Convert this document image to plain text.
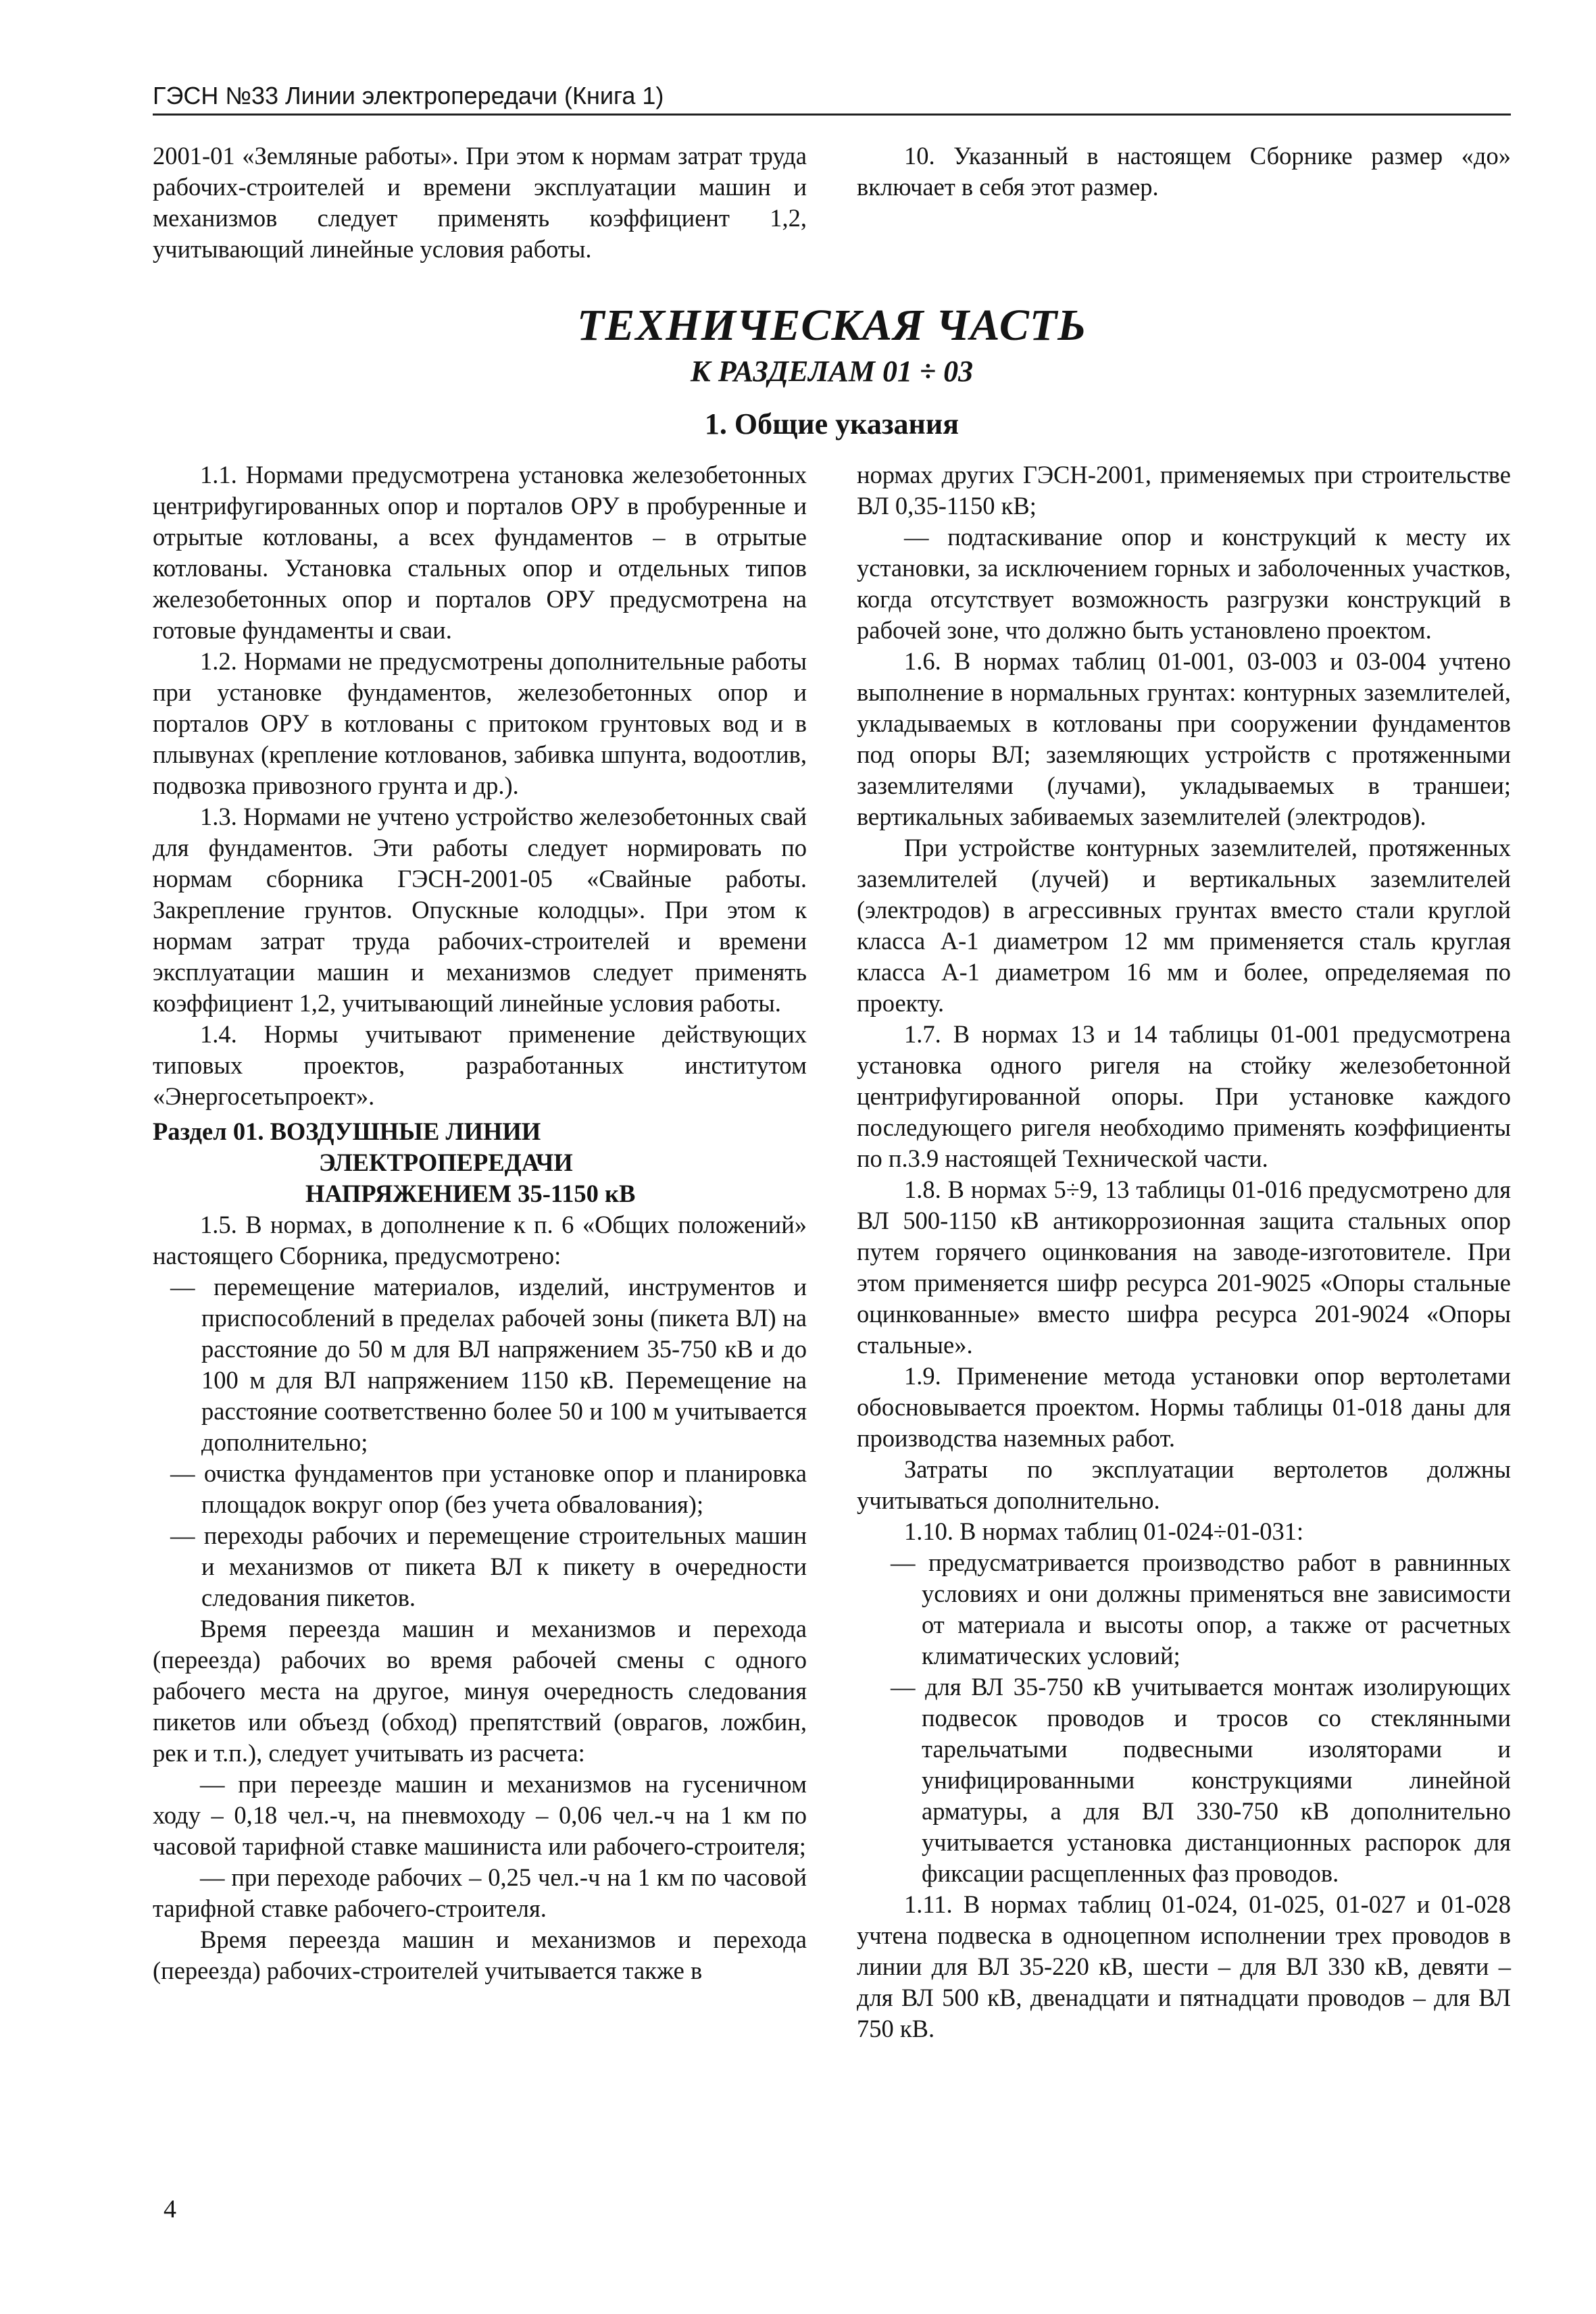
ГЭСН №33 Линии электропередачи (Книга 1)

2001-01 «Земляные работы». При этом к нормам затрат труда рабочих-строителей и времени эксплуатации машин и механизмов следует применять коэффициент 1,2, учитывающий линейные условия работы.

10. Указанный в настоящем Сборнике размер «до» включает в себя этот размер.

ТЕХНИЧЕСКАЯ ЧАСТЬ
К РАЗДЕЛАМ 01 ÷ 03
1. Общие указания

1.1. Нормами предусмотрена установка железобетонных центрифугированных опор и порталов ОРУ в пробуренные и отрытые котлованы, а всех фундаментов – в отрытые котлованы. Установка стальных опор и отдельных типов железобетонных опор и порталов ОРУ предусмотрена на готовые фундаменты и сваи.

1.2. Нормами не предусмотрены дополнительные работы при установке фундаментов, железобетонных опор и порталов ОРУ в котлованы с притоком грунтовых вод и в плывунах (крепление котлованов, забивка шпунта, водоотлив, подвозка привозного грунта и др.).

1.3. Нормами не учтено устройство железобетонных свай для фундаментов. Эти работы следует нормировать по нормам сборника ГЭСН-2001-05 «Свайные работы. Закрепление грунтов. Опускные колодцы». При этом к нормам затрат труда рабочих-строителей и времени эксплуатации машин и механизмов следует применять коэффициент 1,2, учитывающий линейные условия работы.

1.4. Нормы учитывают применение действующих типовых проектов, разработанных институтом «Энергосетьпроект».

Раздел 01. ВОЗДУШНЫЕ ЛИНИИ
ЭЛЕКТРОПЕРЕДАЧИ
НАПРЯЖЕНИЕМ 35-1150 кВ

1.5. В нормах, в дополнение к п. 6 «Общих положений» настоящего Сборника, предусмотрено:

— перемещение материалов, изделий, инструментов и приспособлений в пределах рабочей зоны (пикета ВЛ) на расстояние до 50 м для ВЛ напряжением 35-750 кВ и до 100 м для ВЛ напряжением 1150 кВ. Перемещение на расстояние соответственно более 50 и 100 м учитывается дополнительно;

— очистка фундаментов при установке опор и планировка площадок вокруг опор (без учета обвалования);

— переходы рабочих и перемещение строительных машин и механизмов от пикета ВЛ к пикету в очередности следования пикетов.

Время переезда машин и механизмов и перехода (переезда) рабочих во время рабочей смены с одного рабочего места на другое, минуя очередность следования пикетов или объезд (обход) препятствий (оврагов, ложбин, рек и т.п.), следует учитывать из расчета:

— при переезде машин и механизмов на гусеничном ходу – 0,18 чел.-ч, на пневмоходу – 0,06 чел.-ч на 1 км по часовой тарифной ставке машиниста или рабочего-строителя;

— при переходе рабочих – 0,25 чел.-ч на 1 км по часовой тарифной ставке рабочего-строителя.

Время переезда машин и механизмов и перехода (переезда) рабочих-строителей учитывается также в

нормах других ГЭСН-2001, применяемых при строительстве ВЛ 0,35-1150 кВ;

— подтаскивание опор и конструкций к месту их установки, за исключением горных и заболоченных участков, когда отсутствует возможность разгрузки конструкций в рабочей зоне, что должно быть установлено проектом.

1.6. В нормах таблиц 01-001, 03-003 и 03-004 учтено выполнение в нормальных грунтах: контурных заземлителей, укладываемых в котлованы при сооружении фундаментов под опоры ВЛ; заземляющих устройств с протяженными заземлителями (лучами), укладываемых в траншеи; вертикальных забиваемых заземлителей (электродов).

При устройстве контурных заземлителей, протяженных заземлителей (лучей) и вертикальных заземлителей (электродов) в агрессивных грунтах вместо стали круглой класса А-1 диаметром 12 мм применяется сталь круглая класса А-1 диаметром 16 мм и более, определяемая по проекту.

1.7. В нормах 13 и 14 таблицы 01-001 предусмотрена установка одного ригеля на стойку железобетонной центрифугированной опоры. При установке каждого последующего ригеля необходимо применять коэффициенты по п.3.9 настоящей Технической части.

1.8. В нормах 5÷9, 13 таблицы 01-016 предусмотрено для ВЛ 500-1150 кВ антикоррозионная защита стальных опор путем горячего оцинкования на заводе-изготовителе. При этом применяется шифр ресурса 201-9025 «Опоры стальные оцинкованные» вместо шифра ресурса 201-9024 «Опоры стальные».

1.9. Применение метода установки опор вертолетами обосновывается проектом. Нормы таблицы 01-018 даны для производства наземных работ.

Затраты по эксплуатации вертолетов должны учитываться дополнительно.

1.10. В нормах таблиц 01-024÷01-031:

— предусматривается производство работ в равнинных условиях и они должны применяться вне зависимости от материала и высоты опор, а также от расчетных климатических условий;

— для ВЛ 35-750 кВ учитывается монтаж изолирующих подвесок проводов и тросов со стеклянными тарельчатыми подвесными изоляторами и унифицированными конструкциями линейной арматуры, а для ВЛ 330-750 кВ дополнительно учитывается установка дистанционных распорок для фиксации расщепленных фаз проводов.

1.11. В нормах таблиц 01-024, 01-025, 01-027 и 01-028 учтена подвеска в одноцепном исполнении трех проводов в линии для ВЛ 35-220 кВ, шести – для ВЛ 330 кВ, девяти – для ВЛ 500 кВ, двенадцати и пятнадцати проводов – для ВЛ 750 кВ.

4
